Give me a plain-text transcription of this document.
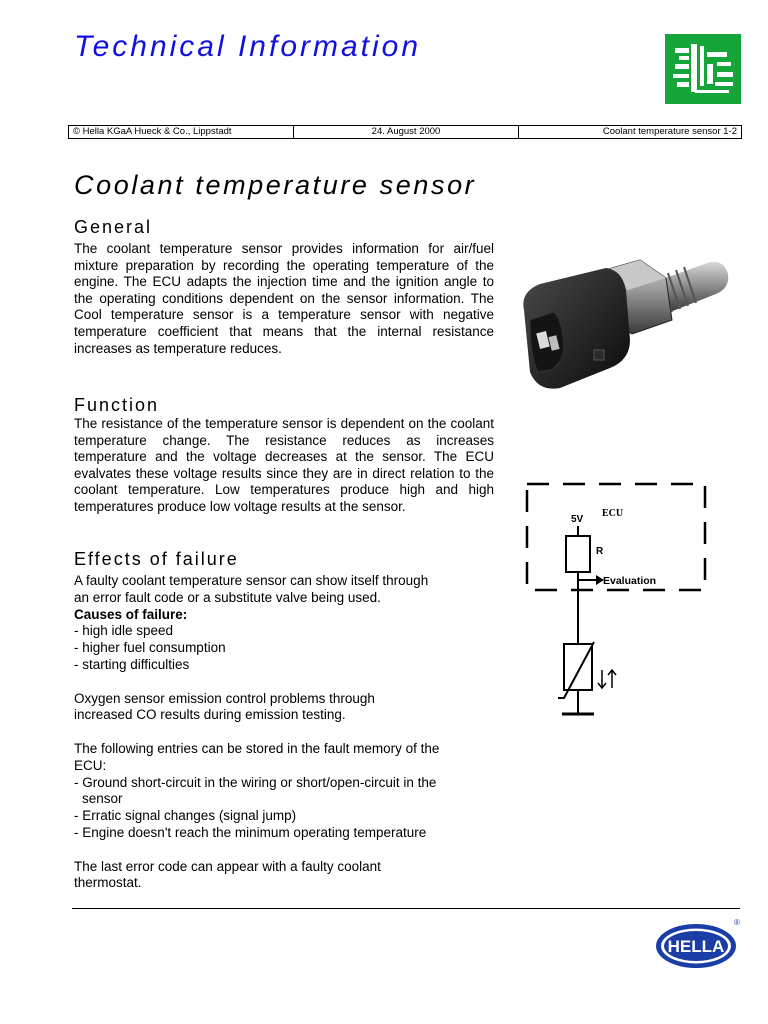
Technical Information
© Hella KGaA Hueck & Co., Lippstadt	24. August 2000	Coolant temperature sensor 1-2
Coolant temperature sensor
General

The coolant temperature sensor provides information for air/fuel mixture preparation by recording the operating temperature of the engine. The ECU adapts the injection time and the ignition angle to the operating conditions dependent on the sensor information. The Cool temperature sensor is a temperature sensor with negative temperature coefficient that means that the internal resistance increases as temperature reduces.

Function

The resistance of the temperature sensor is dependent on the coolant temperature change. The resistance reduces as increases temperature and the voltage decreases at the sensor. The ECU evalvates these voltage results since they are in direct relation to the coolant temperature. Low temperatures produce high and high temperatures produce low voltage results at the sensor.

Effects of failure
A faulty coolant temperature sensor can show itself through
an error fault code or a substitute valve being used.
Causes of failure:
- high idle speed
- higher fuel consumption
- starting difficulties

Oxygen sensor emission control problems through
increased CO results during emission testing.

The following entries can be stored in the fault memory of the
ECU:
- Ground short-circuit in the wiring or short/open-circuit in the
sensor
- Erratic signal changes (signal jump)
- Engine doesn't reach the minimum operating temperature

The last error code can appear with a faulty coolant
thermostat.
ECU
5V
R
Evaluation
HELLA
®
